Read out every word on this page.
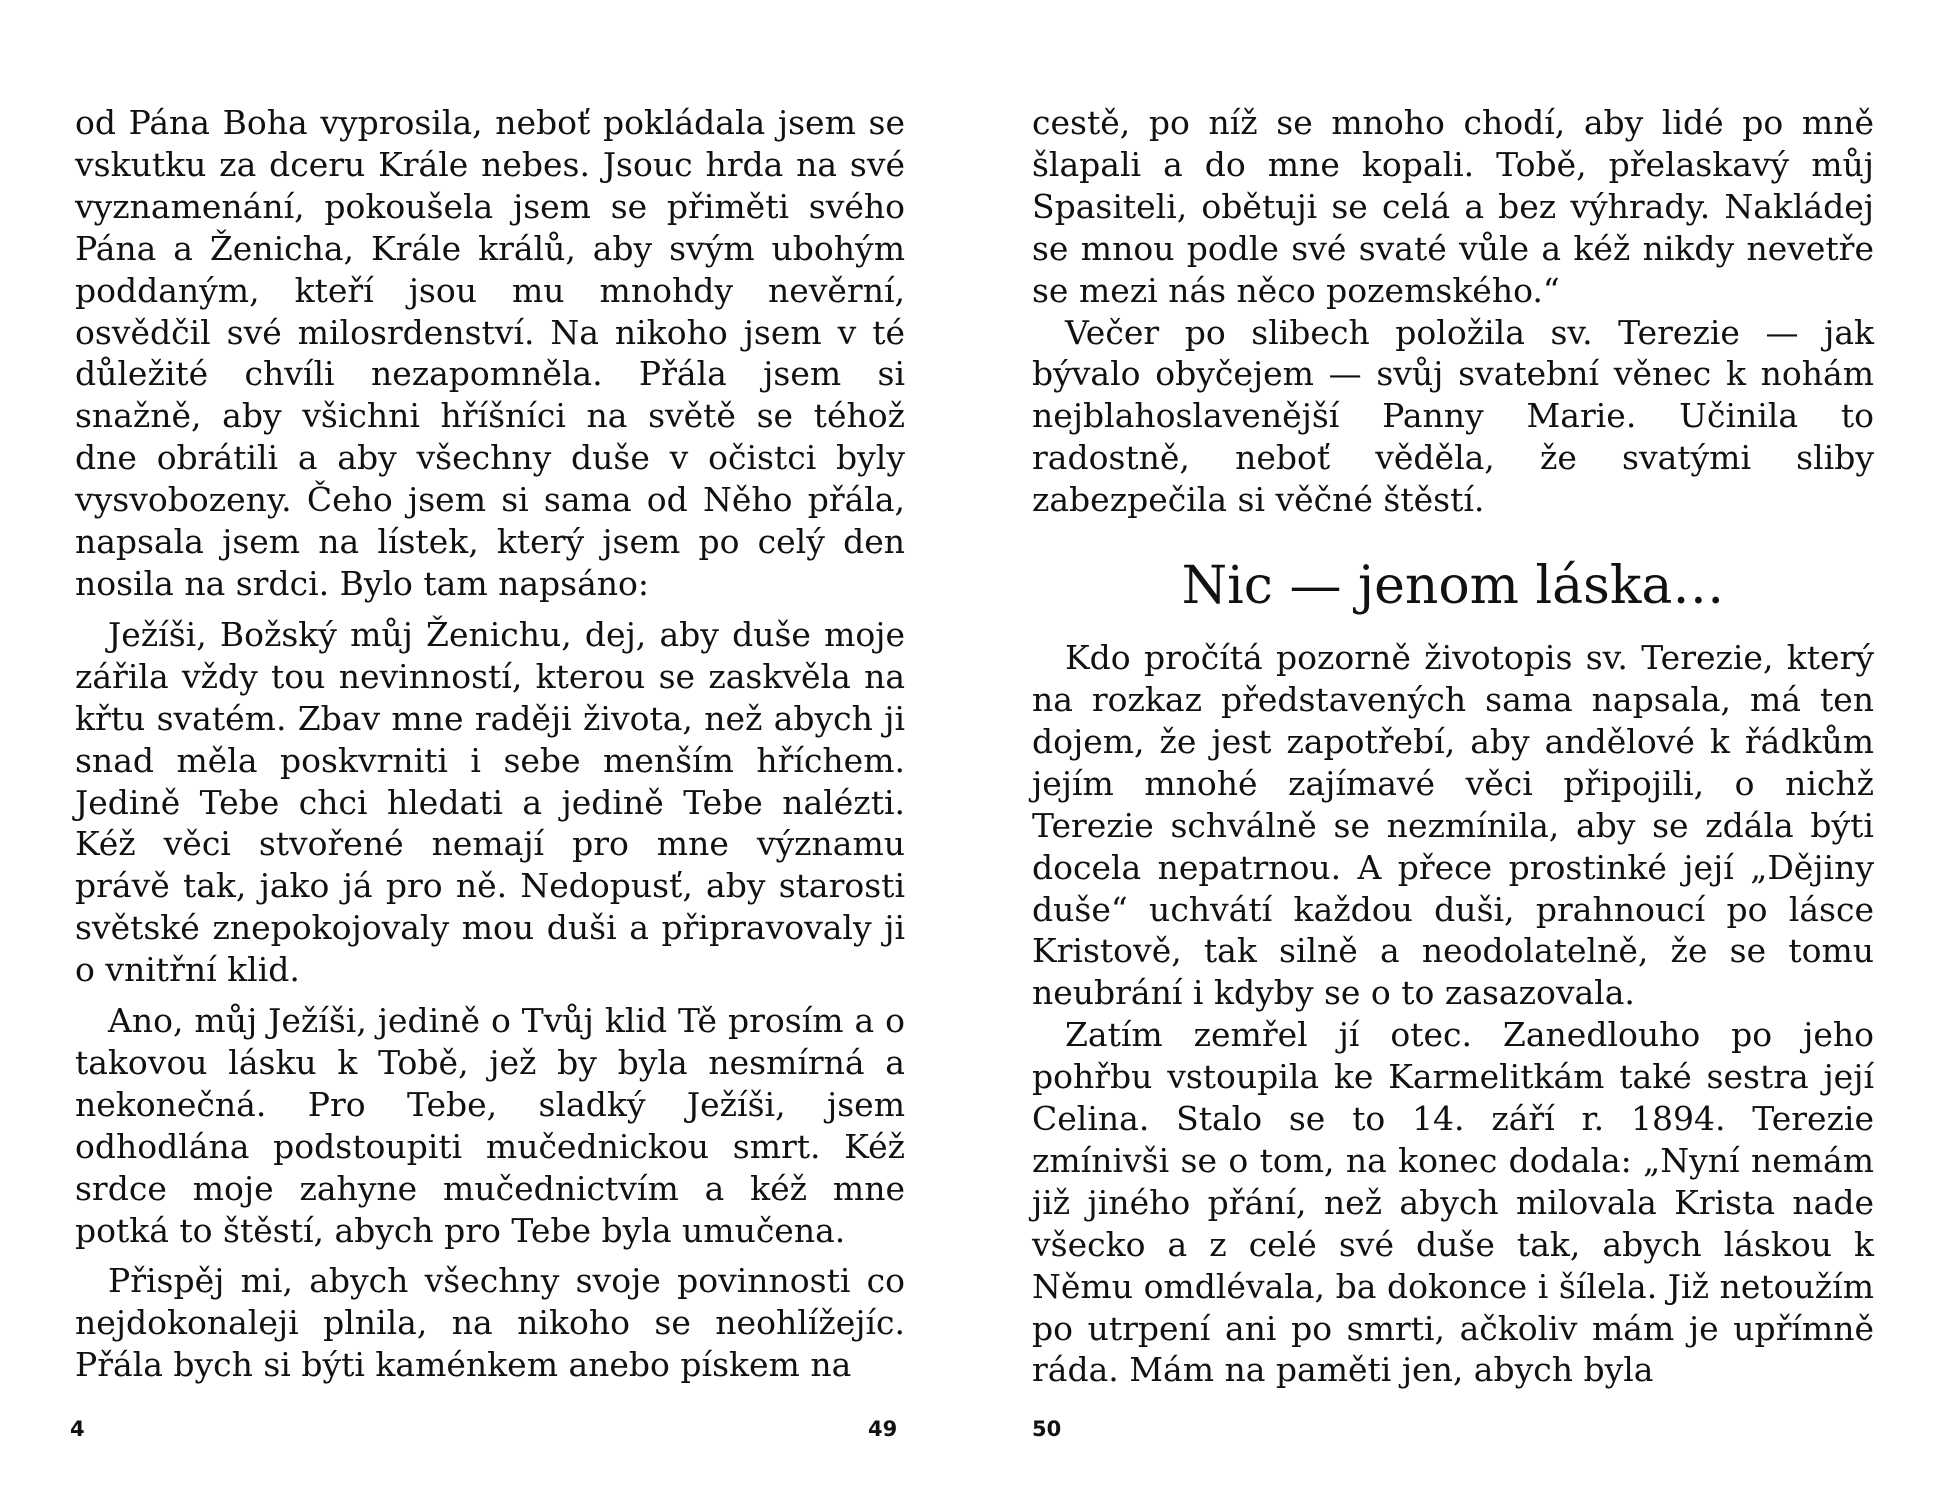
od Pána Boha vyprosila, neboť pokládala jsem se vskutku za dceru Krále nebes. Jsouc hrda na své vyznamenání, pokoušela jsem se přiměti svého Pána a Ženicha, Krále králů, aby svým ubohým poddaným, kteří jsou mu mnohdy nevěrní, osvědčil své milosrdenství. Na nikoho jsem v té důležité chvíli nezapomněla. Přála jsem si snažně, aby všichni hříšníci na světě se téhož dne obrátili a aby všechny duše v očistci byly vysvobozeny. Čeho jsem si sama od Něho přála, napsala jsem na lístek, který jsem po celý den nosila na srdci. Bylo tam napsáno:

Ježíši, Božský můj Ženichu, dej, aby duše moje zářila vždy tou nevinností, kterou se zaskvěla na křtu svatém. Zbav mne raději života, než abych ji snad měla poskvrniti i sebe menším hříchem. Jedině Tebe chci hledati a jedině Tebe nalézti. Kéž věci stvořené nemají pro mne významu právě tak, jako já pro ně. Nedopusť, aby starosti světské znepokojovaly mou duši a připravovaly ji o vnitřní klid.

Ano, můj Ježíši, jedině o Tvůj klid Tě prosím a o takovou lásku k Tobě, jež by byla nesmírná a nekonečná. Pro Tebe, sladký Ježíši, jsem odhodlána podstoupiti mučednickou smrt. Kéž srdce moje zahyne mučednictvím a kéž mne potká to štěstí, abych pro Tebe byla umučena.

Přispěj mi, abych všechny svoje povinnosti co nejdokonaleji plnila, na nikoho se neohlížejíc. Přála bych si býti kaménkem anebo pískem na

4	49

cestě, po níž se mnoho chodí, aby lidé po mně šlapali a do mne kopali. Tobě, přelaskavý můj Spasiteli, obětuji se celá a bez výhrady. Nakládej se mnou podle své svaté vůle a kéž nikdy nevetře se mezi nás něco pozemského.“

Večer po slibech položila sv. Terezie — jak bývalo obyčejem — svůj svatební věnec k nohám nejblahoslavenější Panny Marie. Učinila to radostně, neboť věděla, že svatými sliby zabezpečila si věčné štěstí.

Nic — jenom láska…

Kdo pročítá pozorně životopis sv. Terezie, který na rozkaz představených sama napsala, má ten dojem, že jest zapotřebí, aby andělové k řádkům jejím mnohé zajímavé věci připojili, o nichž Terezie schválně se nezmínila, aby se zdála býti docela nepatrnou. A přece prostinké její „Dějiny duše“ uchvátí každou duši, prahnoucí po lásce Kristově, tak silně a neodolatelně, že se tomu neubrání i kdyby se o to zasazovala.

Zatím zemřel jí otec. Zanedlouho po jeho pohřbu vstoupila ke Karmelitkám také sestra její Celina. Stalo se to 14. září r. 1894. Terezie zmínivši se o tom, na konec dodala: „Nyní nemám již jiného přání, než abych milovala Krista nade všecko a z celé své duše tak, abych láskou k Němu omdlévala, ba dokonce i šílela. Již netoužím po utrpení ani po smrti, ačkoliv mám je upřímně ráda. Mám na paměti jen, abych byla

50
